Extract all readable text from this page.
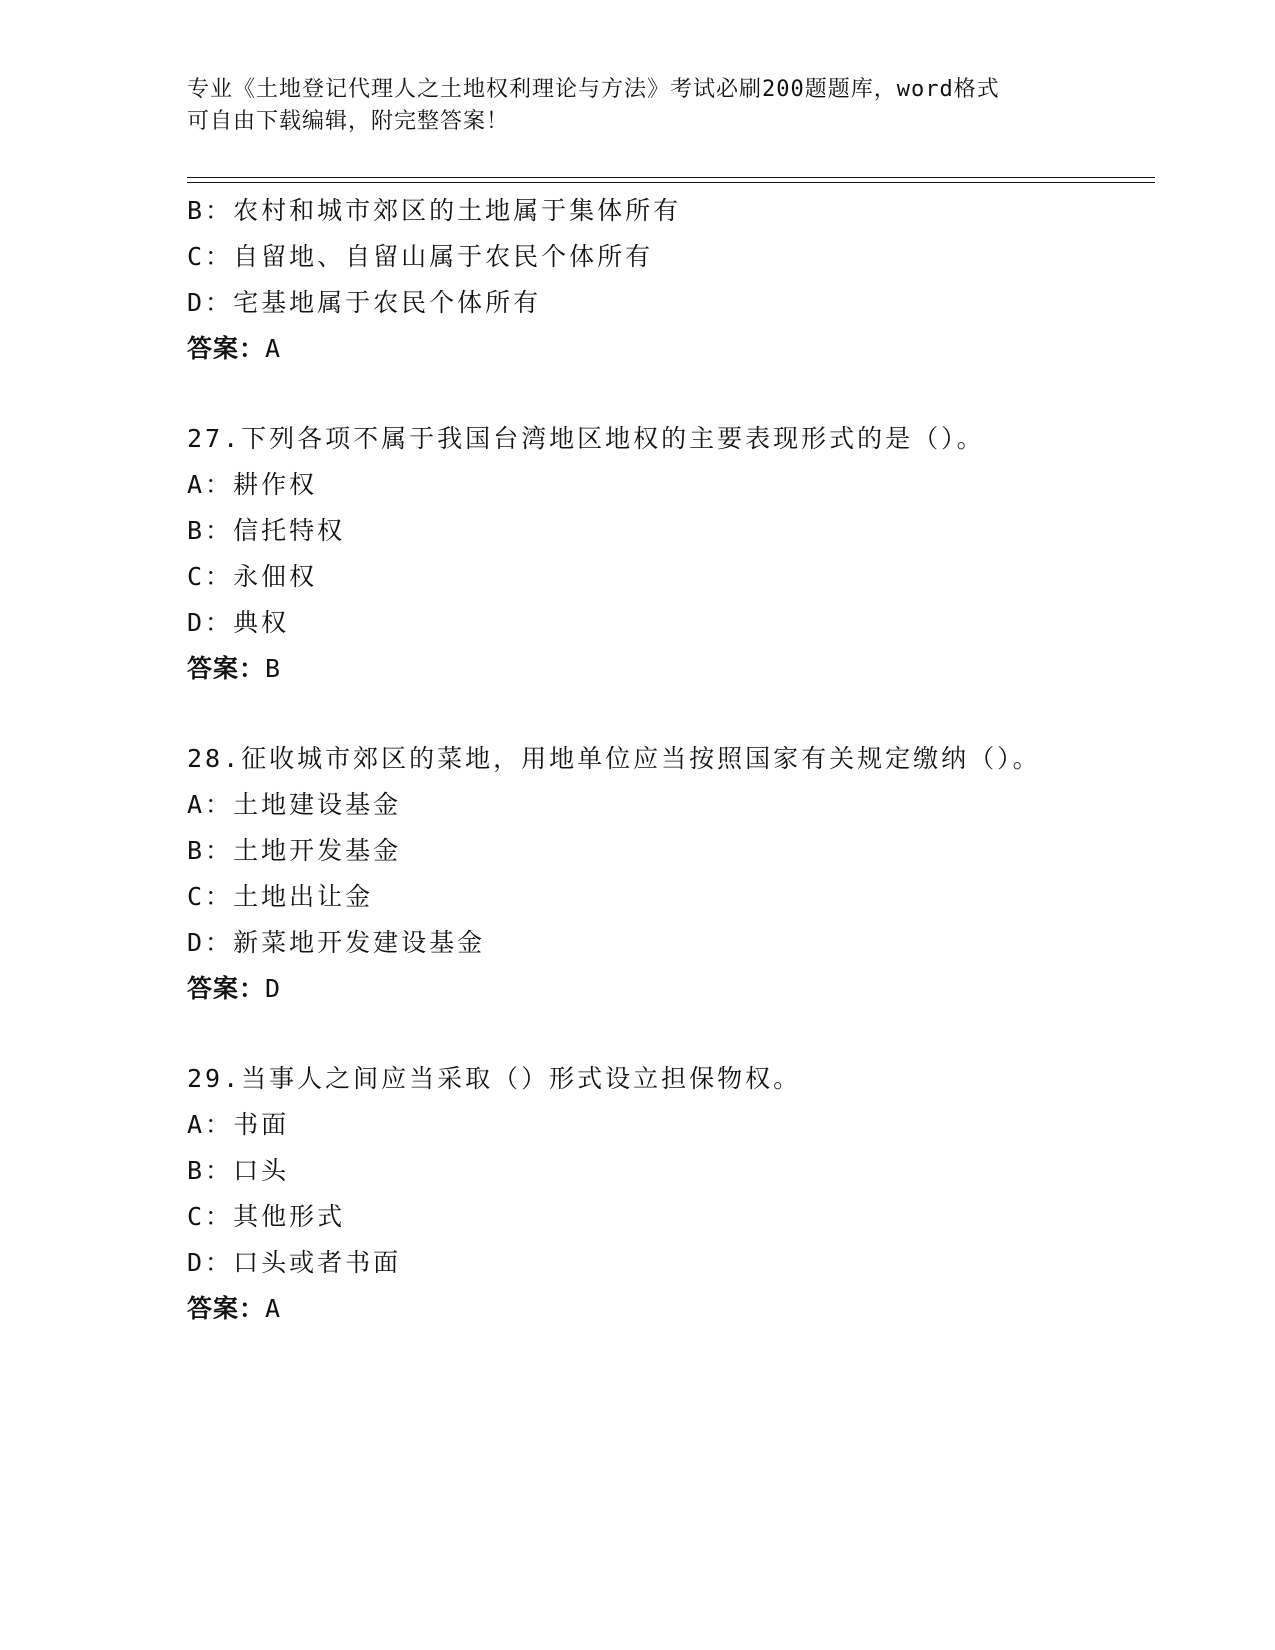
专业《土地登记代理人之土地权利理论与方法》考试必刷200题题库，word格式
可自由下载编辑，附完整答案！
B：农村和城市郊区的土地属于集体所有
C：自留地、自留山属于农民个体所有
D：宅基地属于农民个体所有
答案：A
27.下列各项不属于我国台湾地区地权的主要表现形式的是（）。
A：耕作权
B：信托特权
C：永佃权
D：典权
答案：B
28.征收城市郊区的菜地，用地单位应当按照国家有关规定缴纳（）。
A：土地建设基金
B：土地开发基金
C：土地出让金
D：新菜地开发建设基金
答案：D
29.当事人之间应当采取（）形式设立担保物权。
A：书面
B：口头
C：其他形式
D：口头或者书面
答案：A
